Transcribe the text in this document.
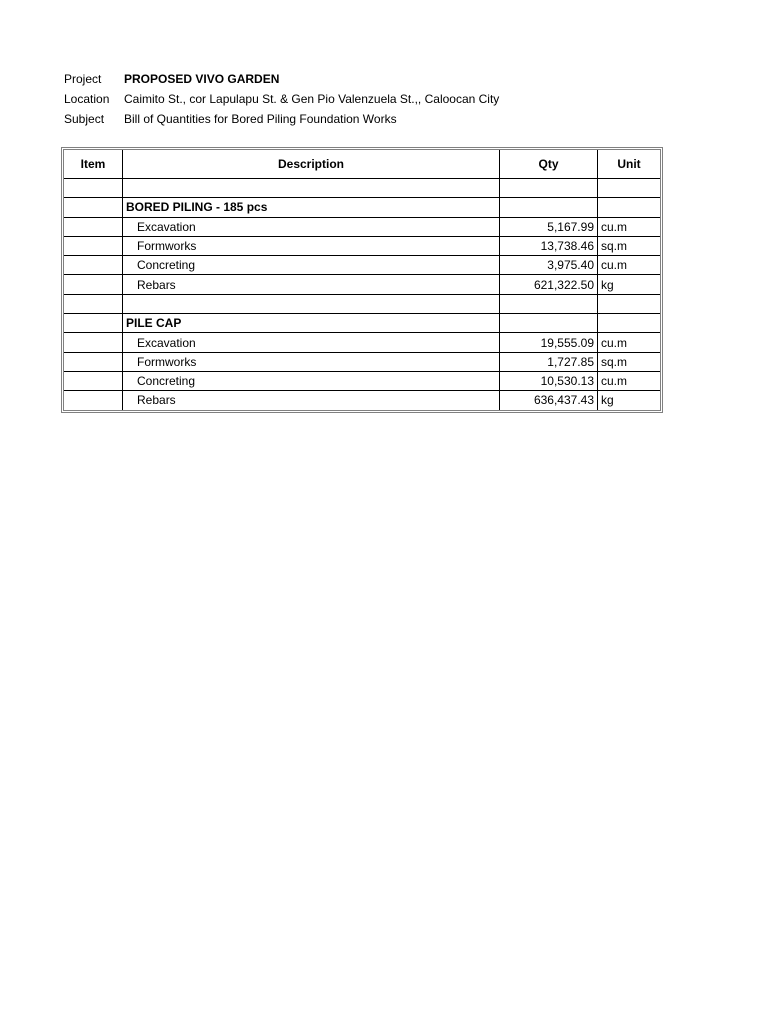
Project	PROPOSED VIVO GARDEN
Location	Caimito St., cor Lapulapu St. & Gen Pio Valenzuela St.,, Caloocan City
Subject	Bill of Quantities for Bored Piling Foundation Works
Item	Description	Qty	Unit

	BORED PILING - 185 pcs		
	Excavation	5,167.99	cu.m
	Formworks	13,738.46	sq.m
	Concreting	3,975.40	cu.m
	Rebars	621,322.50	kg

	PILE CAP		
	Excavation	19,555.09	cu.m
	Formworks	1,727.85	sq.m
	Concreting	10,530.13	cu.m
	Rebars	636,437.43	kg
